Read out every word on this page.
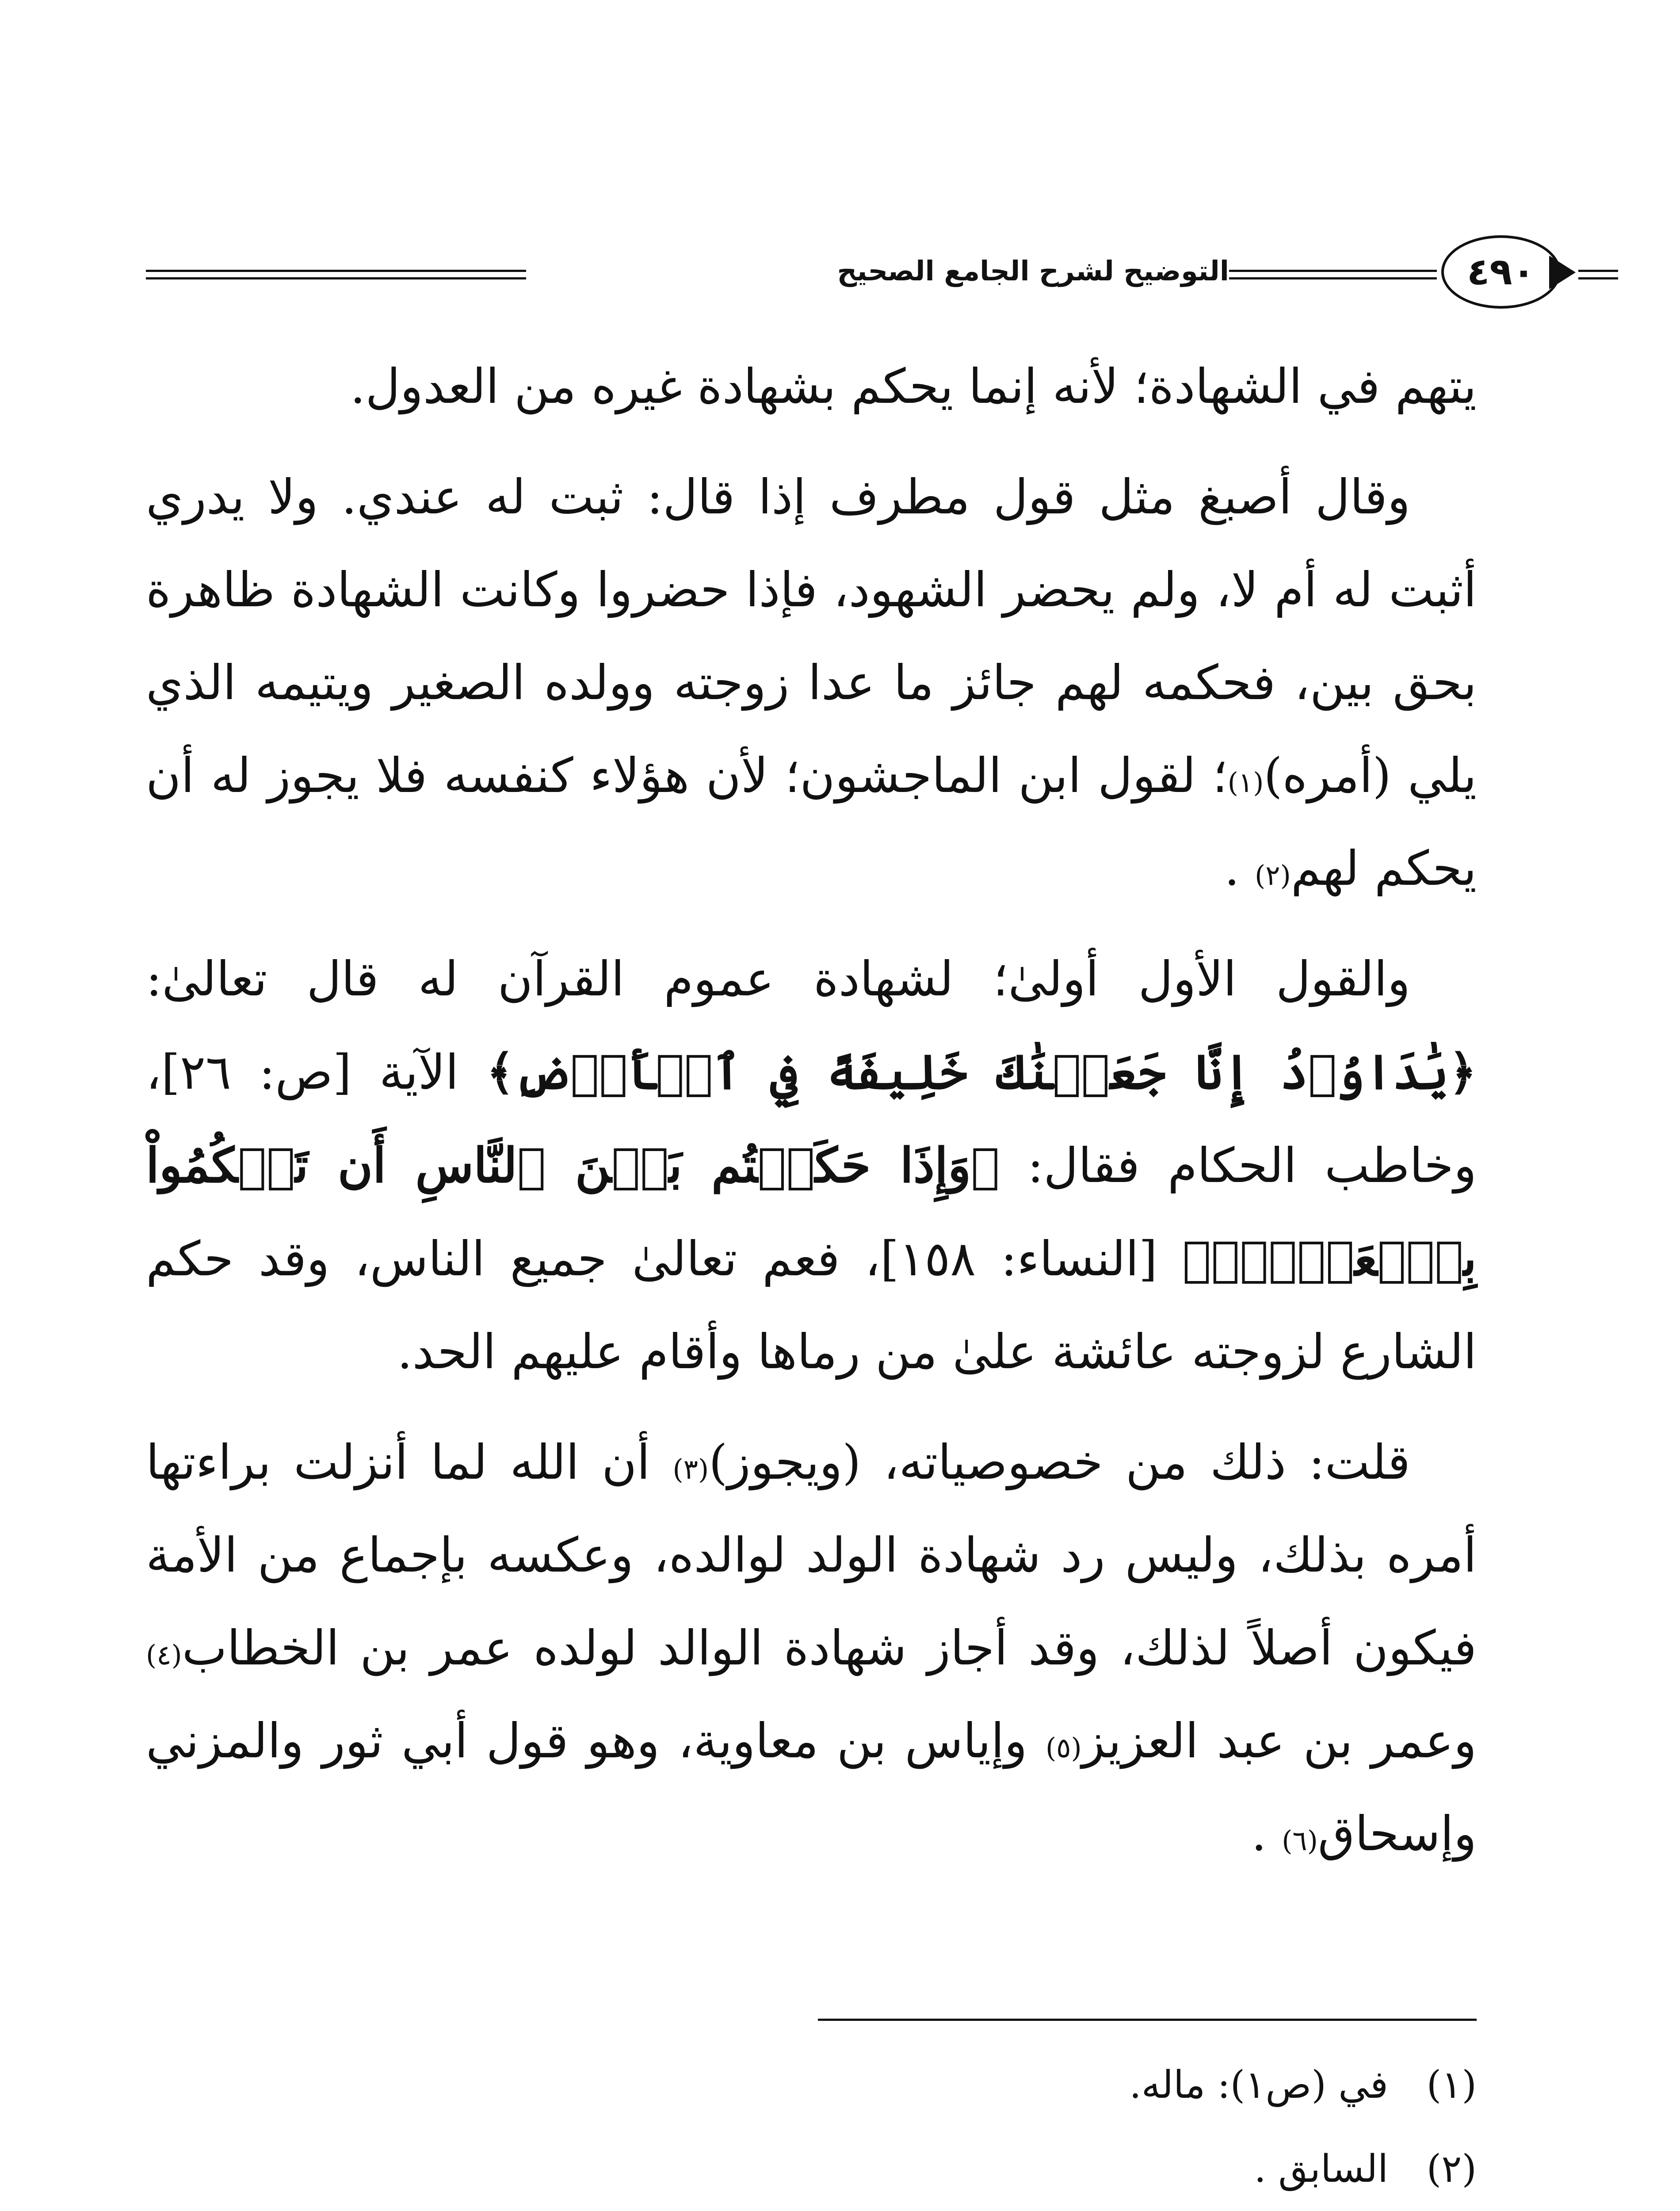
٤٩٠
التوضيح لشرح الجامع الصحيح

يتهم في الشهادة؛ لأنه إنما يحكم بشهادة غيره من العدول.

وقال أصبغ مثل قول مطرف إذا قال: ثبت له عندي. ولا يدري أثبت له أم لا، ولم يحضر الشهود، فإذا حضروا وكانت الشهادة ظاهرة بحق بين، فحكمه لهم جائز ما عدا زوجته وولده الصغير ويتيمه الذي يلي (أمره)$^{(١)}$؛ لقول ابن الماجشون؛ لأن هؤلاء كنفسه فلا يجوز له أن يحكم لهم$^{(٢)}$ .

والقول الأول أولىٰ؛ لشهادة عموم القرآن له قال تعالىٰ: ﴿يَٰدَاوُۥدُ إِنَّا جَعَلۡنَٰكَ خَلِيفَةً فِي ٱلۡأَرۡضِ﴾ الآية [ص: ٢٦]، وخاطب الحكام فقال: ﴿وَإِذَا حَكَمۡتُم بَيۡنَ ٱلنَّاسِ أَن تَحۡكُمُواْ بِٱلۡعَدۡلِۚ﴾ [النساء: ١٥٨]، فعم تعالىٰ جميع الناس، وقد حكم الشارع لزوجته عائشة علىٰ من رماها وأقام عليهم الحد.

قلت: ذلك من خصوصياته، (ويجوز)$^{(٣)}$ أن الله لما أنزلت براءتها أمره بذلك، وليس رد شهادة الولد لوالده، وعكسه بإجماع من الأمة فيكون أصلاً لذلك، وقد أجاز شهادة الوالد لولده عمر بن الخطاب$^{(٤)}$ وعمر بن عبد العزيز$^{(٥)}$ وإياس بن معاوية، وهو قول أبي ثور والمزني وإسحاق$^{(٦)}$ .

(١)
في (ص١): ماله.
(٢)
السابق .
